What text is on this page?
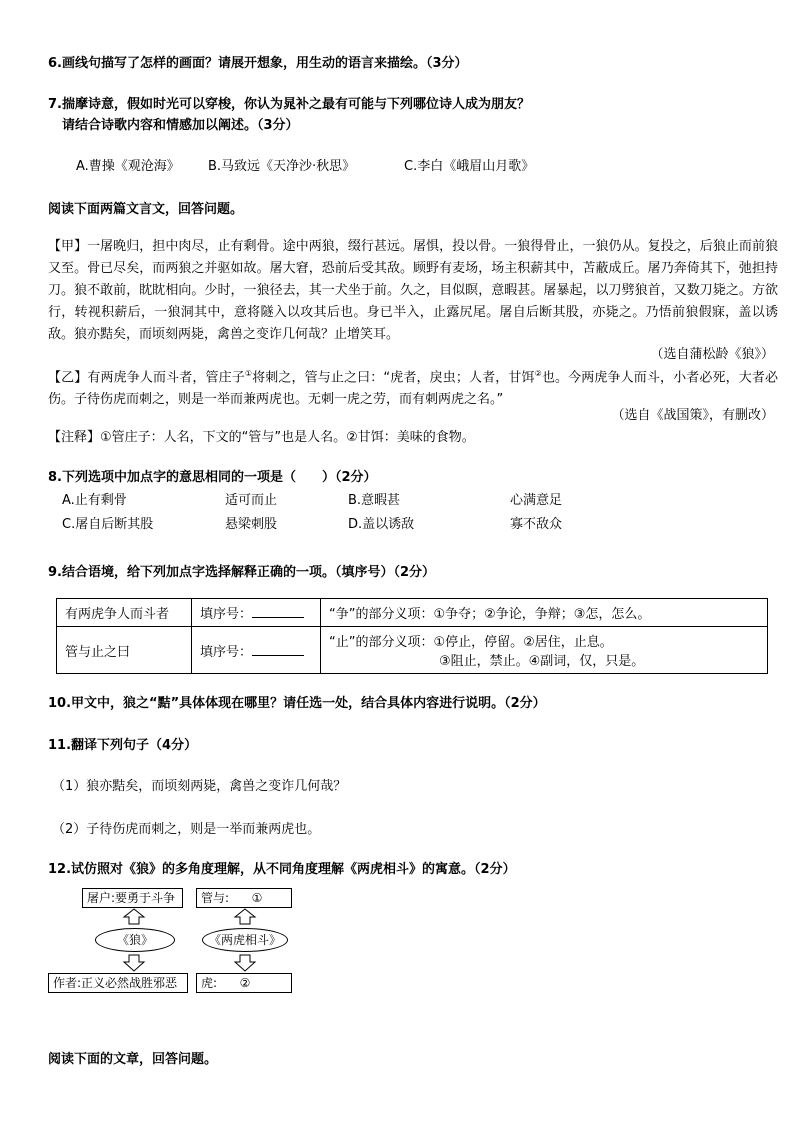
6.画线句描写了怎样的画面？请展开想象，用生动的语言来描绘。（3分）
7.揣摩诗意，假如时光可以穿梭，你认为晁补之最有可能与下列哪位诗人成为朋友？
请结合诗歌内容和情感加以阐述。（3分）
A.曹操《观沧海》 B.马致远《天净沙·秋思》	C.李白《峨眉山月歌》
阅读下面两篇文言文，回答问题。
【甲】一屠晚归，担中肉尽，止有剩骨。途中两狼，缀行甚远。屠惧，投以骨。一狼得骨止，一狼仍从。复投之，后狼止而前狼又至。骨已尽矣，而两狼之并驱如故。屠大窘，恐前后受其敌。顾野有麦场，场主积薪其中，苫蔽成丘。屠乃奔倚其下，弛担持刀。狼不敢前，眈眈相向。少时，一狼径去，其一犬坐于前。久之，目似瞑，意暇甚。屠暴起，以刀劈狼首，又数刀毙之。方欲行，转视积薪后，一狼洞其中，意将隧入以攻其后也。身已半入，止露尻尾。屠自后断其股，亦毙之。乃悟前狼假寐，盖以诱敌。狼亦黠矣，而顷刻两毙，禽兽之变诈几何哉？止增笑耳。
（选自蒲松龄《狼》）
【乙】有两虎争人而斗者，管庄子①将刺之，管与止之曰：“虎者，戾虫；人者，甘饵②也。今两虎争人而斗，小者必死，大者必伤。子待伤虎而刺之，则是一举而兼两虎也。无刺一虎之劳，而有刺两虎之名。”
（选自《战国策》，有删改）
【注释】①管庄子：人名，下文的“管与”也是人名。②甘饵：美味的食物。
8.下列选项中加点字的意思相同的一项是（　　）（2分）
A.止有剩骨	适可而止	B.意暇甚	心满意足
C.屠自后断其股	悬梁刺股	D.盖以诱敌	寡不敌众
9.结合语境，给下列加点字选择解释正确的一项。（填序号）（2分）
有两虎争人而斗者	填序号：	“争”的部分义项：①争夺；②争论，争辩；③怎，怎么。
管与止之曰	填序号：	“止”的部分义项：①停止，停留。②居住，止息。
③阻止，禁止。④副词，仅，只是。
10.甲文中，狼之“黠”具体体现在哪里？请任选一处，结合具体内容进行说明。（2分）
11.翻译下列句子（4分）
（1）狼亦黠矣，而顷刻两毙，禽兽之变诈几何哉？
（2）子待伤虎而刺之，则是一举而兼两虎也。
12.试仿照对《狼》的多角度理解，从不同角度理解《两虎相斗》的寓意。（2分）
屠户:要勇于斗争
《狼》
作者:正义必然战胜邪恶
管与: ①
《两虎相斗》
虎: ②
阅读下面的文章，回答问题。
